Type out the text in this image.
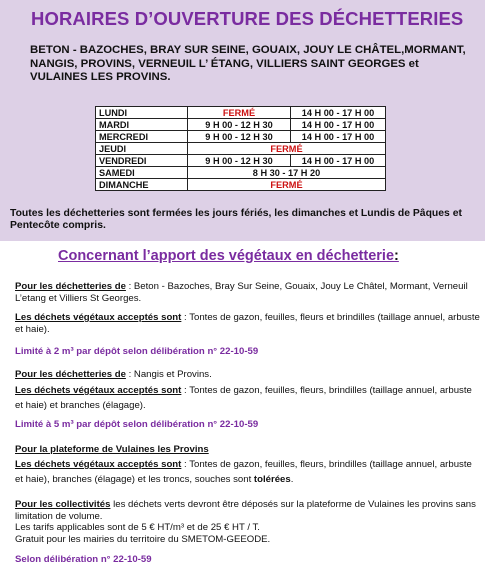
HORAIRES D’OUVERTURE DES DÉCHETTERIES
BETON - BAZOCHES, BRAY SUR SEINE, GOUAIX, JOUY LE CHÂTEL,MORMANT, NANGIS, PROVINS, VERNEUIL L’ ÉTANG, VILLIERS SAINT GEORGES et VULAINES LES PROVINS.
LUNDI	FERMÉ	14 H 00 - 17 H 00
MARDI	9 H 00 - 12 H 30	14 H 00 - 17 H 00
MERCREDI	9 H 00 - 12 H 30	14 H 00 - 17 H 00
JEUDI	FERMÉ	
VENDREDI	9 H 00 - 12 H 30	14 H 00 - 17 H 00
SAMEDI	8 H 30 - 17 H 20	
DIMANCHE	FERMÉ	
Toutes les déchetteries sont fermées les jours fériés, les dimanches et Lundis de Pâques et Pentecôte compris.
Concernant l’apport des végétaux en déchetterie:
Pour les déchetteries de : Beton - Bazoches, Bray Sur Seine, Gouaix, Jouy Le Châtel, Mormant, Verneuil L’etang et Villiers St Georges.
Les déchets végétaux acceptés sont : Tontes de gazon, feuilles, fleurs et brindilles (taillage annuel, arbuste et haie).
Limité à 2 m³ par dépôt selon délibération n° 22-10-59
Pour les déchetteries de : Nangis et Provins.
Les déchets végétaux acceptés sont : Tontes de gazon, feuilles, fleurs, brindilles (taillage annuel, arbuste et haie) et branches (élagage).
Limité à 5 m³ par dépôt selon délibération n° 22-10-59
Pour la plateforme de Vulaines les Provins
Les déchets végétaux acceptés sont : Tontes de gazon, feuilles, fleurs, brindilles (taillage annuel, arbuste et haie), branches (élagage) et les troncs, souches sont tolérées.
Pour les collectivités les déchets verts devront être déposés sur la plateforme de Vulaines les provins sans limitation de volume.
Les tarifs applicables sont de 5 € HT/m³ et de 25 € HT / T.
Gratuit pour les mairies du territoire du SMETOM-GEEODE.
Selon délibération n° 22-10-59
